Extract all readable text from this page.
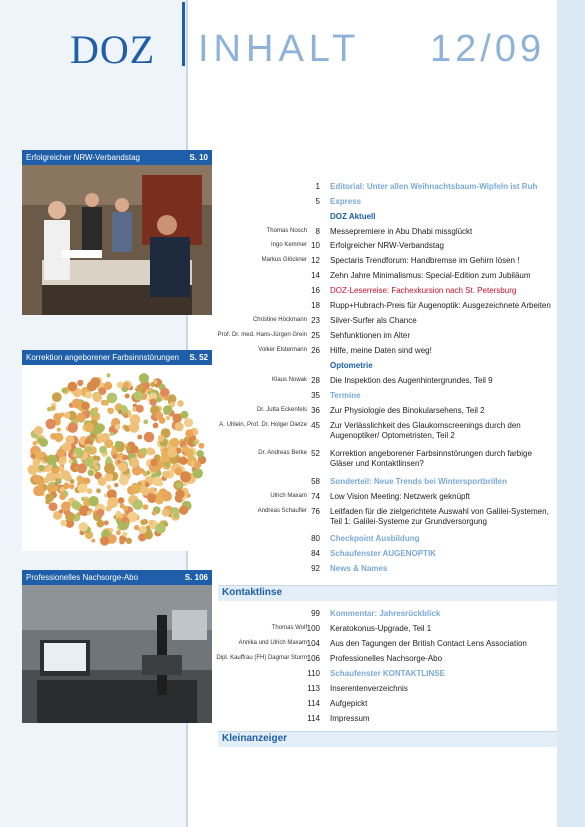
DOZ INHALT 12/09
Erfolgreicher NRW-Verbandstag	S. 10
Korrektion angeborener Farbsinnstörungen S. 52
Professionelles Nachsorge-Abo	S. 106
1 Editorial: Unter allen Weihnachtsbaum-Wipfeln ist Ruh
5 Express
DOZ Aktuell
Thomas Nosch	8 Messepremiere in Abu Dhabi missglückt
Ingo Kemmer 10 Erfolgreicher NRW-Verbandstag
Markus Glöckner 12 Spectaris Trendforum: Handbremse im Gehirn lösen !
14 Zehn Jahre Minimalismus: Special-Edition zum Jubiläum
16 DOZ-Leserreise: Fachexkursion nach St. Petersburg
18 Rupp+Hubrach-Preis für Augenoptik: Ausgezeichnete Arbeiten
Christine Höckmann 23 Silver-Surfer als Chance
Prof. Dr. med. Hans-Jürgen Grein 25 Sehfunktionen im Alter
Volker Elstermann 26 Hilfe, meine Daten sind weg!
Optometrie
Klaus Nowak 28 Die Inspektion des Augenhintergrundes, Teil 9
35 Termine
Dr. Jutta Eckenfels 36 Zur Physiologie des Binokularsehens, Teil 2
A. Uhlein, Prof. Dr. Holger Dietze 45 Zur Verlässlichkeit des Glaukomscreenings durch den Augenoptiker/ Optometristen, Teil 2
Dr. Andreas Berke 52 Korrektion angeborener Farbsinnstörungen durch farbige Gläser und Kontaktlinsen?
58 Sonderteil: Neue Trends bei Wintersportbrillen
Ulrich Maxam 74 Low Vision Meeting: Netzwerk geknüpft
Andreas Schaufler 76 Leitfaden für die zielgerichtete Auswahl von Galilei-Systemen, Teil 1: Galilei-Systeme zur Grundversorgung
80 Checkpoint Ausbildung
84 Schaufenster AUGENOPTIK
92 News & Names
99 Kommentar: Jahresrückblick
Thomas Wolf 100 Keratokonus-Upgrade, Teil 1
Annika und Ulrich Maxam 104 Aus den Tagungen der British Contact Lens Association
Dipl. Kauffrau (FH) Dagmar Sturm 106 Professionelles Nachsorge-Abo
110 Schaufenster KONTAKTLINSE
113 Inserentenverzeichnis
114 Aufgepickt
114 Impressum
Kontaktlinse
Kleinanzeiger
